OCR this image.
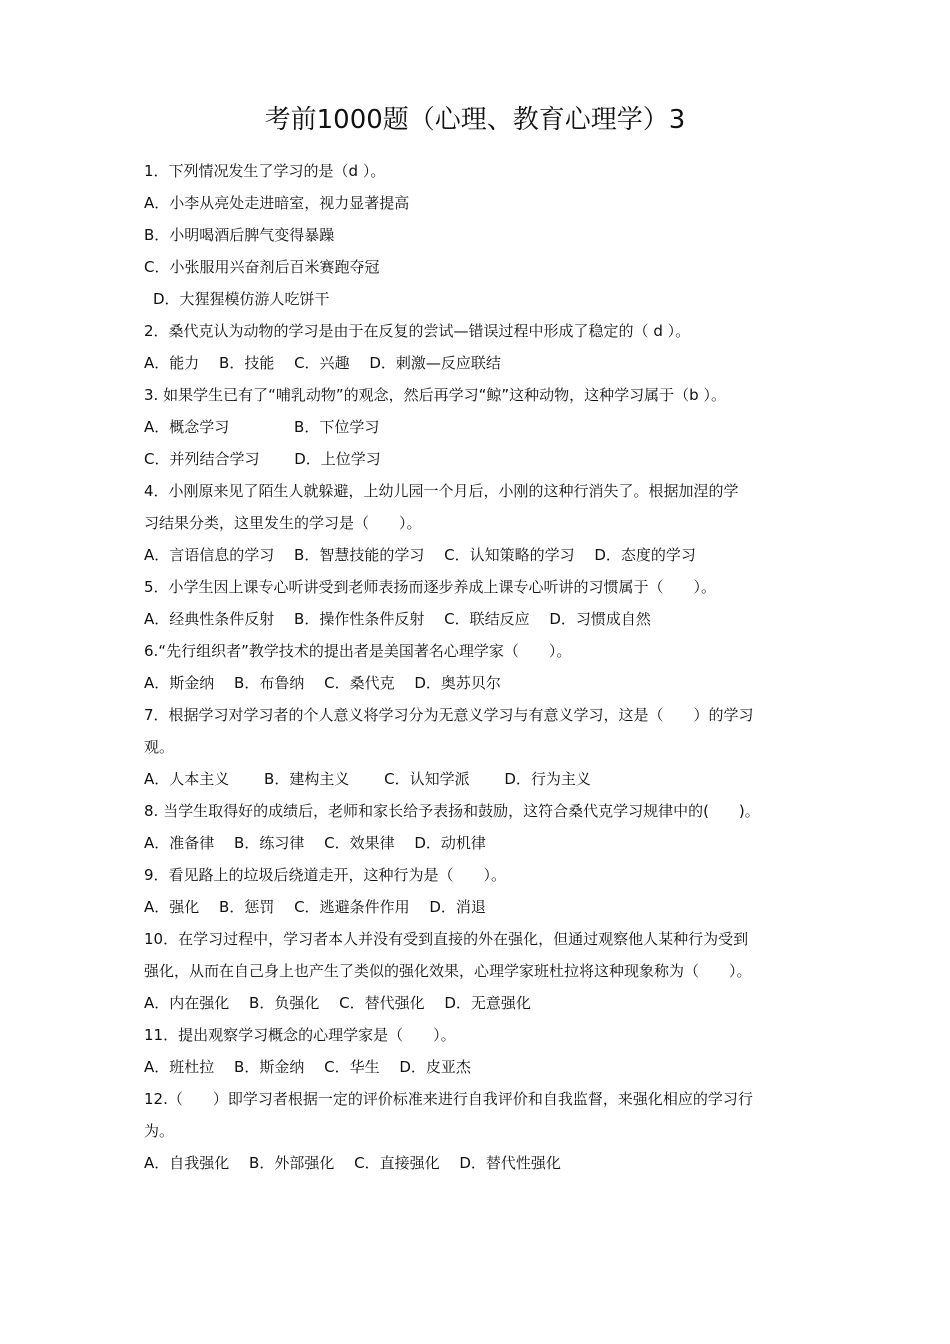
考前1000题（心理、教育心理学）3
1．下列情况发生了学习的是（d ）。
A．小李从亮处走进暗室，视力显著提高
B．小明喝酒后脾气变得暴躁
C．小张服用兴奋剂后百米赛跑夺冠
D．大猩猩模仿游人吃饼干
2．桑代克认为动物的学习是由于在反复的尝试—错误过程中形成了稳定的（ d ）。
A．能力　 B．技能　 C．兴趣　 D．刺激—反应联结
3. 如果学生已有了“哺乳动物”的观念，然后再学习“鲸”这种动物，这种学习属于（b ）。
A．概念学习　　　　 B．下位学习
C．并列结合学习　　 D．上位学习
4．小刚原来见了陌生人就躲避，上幼儿园一个月后，小刚的这种行消失了。根据加涅的学
习结果分类，这里发生的学习是（　　）。
A．言语信息的学习　 B．智慧技能的学习　 C．认知策略的学习　 D．态度的学习
5．小学生因上课专心听讲受到老师表扬而逐步养成上课专心听讲的习惯属于（　　）。
A．经典性条件反射　 B．操作性条件反射　 C．联结反应　 D．习惯成自然
6.“先行组织者”教学技术的提出者是美国著名心理学家（　　）。
A．斯金纳　 B．布鲁纳　 C．桑代克　 D．奥苏贝尔
7．根据学习对学习者的个人意义将学习分为无意义学习与有意义学习，这是（　　）的学习
观。
A．人本主义　　 B．建构主义　　 C．认知学派　　 D．行为主义
8. 当学生取得好的成绩后，老师和家长给予表扬和鼓励，这符合桑代克学习规律中的(　　)。
A．准备律　 B．练习律　 C．效果律　 D．动机律
9．看见路上的垃圾后绕道走开，这种行为是（　　）。
A．强化　 B．惩罚　 C．逃避条件作用　 D．消退
10．在学习过程中，学习者本人并没有受到直接的外在强化，但通过观察他人某种行为受到
强化，从而在自己身上也产生了类似的强化效果，心理学家班杜拉将这种现象称为（　　）。
A．内在强化　 B．负强化　 C．替代强化　 D．无意强化
11．提出观察学习概念的心理学家是（　　）。
A．班杜拉　 B．斯金纳　 C．华生　 D．皮亚杰
12.（　　）即学习者根据一定的评价标准来进行自我评价和自我监督，来强化相应的学习行
为。
A．自我强化　 B．外部强化　 C．直接强化　 D．替代性强化
